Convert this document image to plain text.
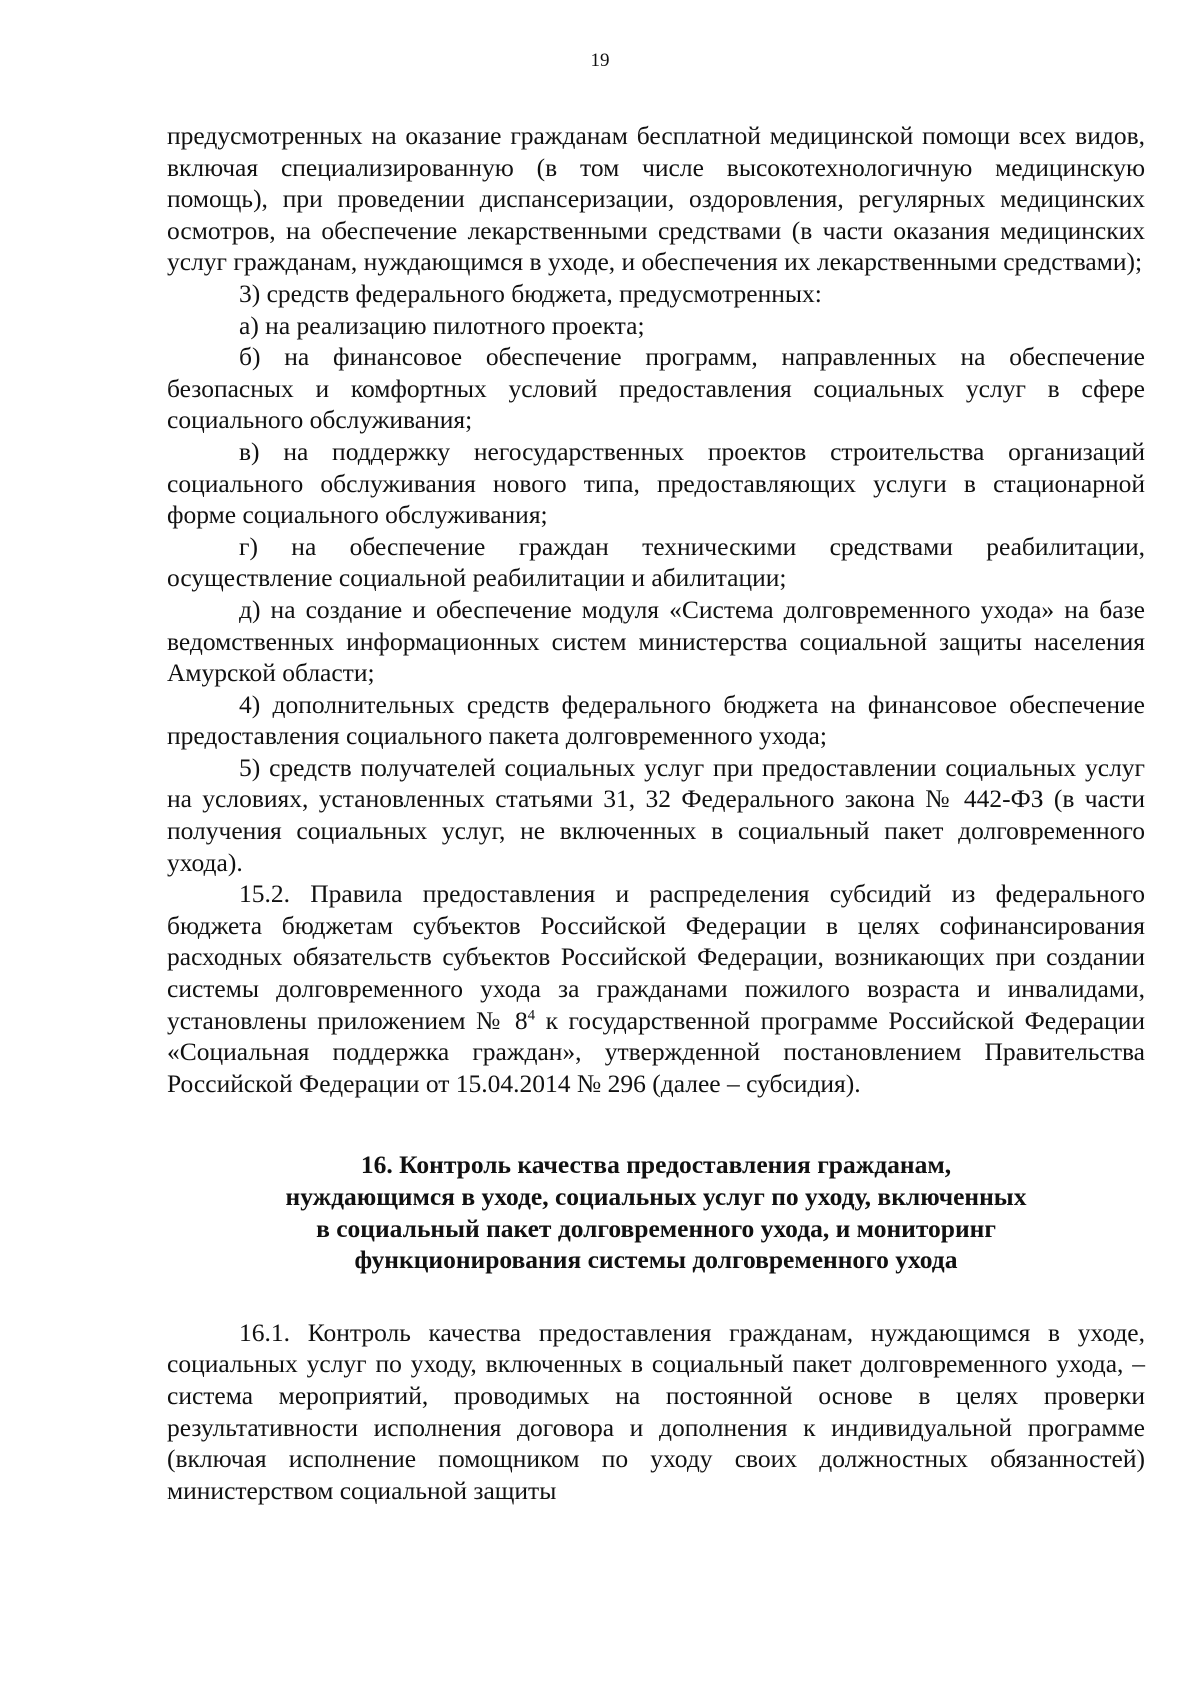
19

предусмотренных на оказание гражданам бесплатной медицинской помощи всех видов, включая специализированную (в том числе высокотехнологичную медицинскую помощь), при проведении диспансеризации, оздоровления, регулярных медицинских осмотров, на обеспечение лекарственными средствами (в части оказания медицинских услуг гражданам, нуждающимся в уходе, и обеспечения их лекарственными средствами);

3) средств федерального бюджета, предусмотренных:

а) на реализацию пилотного проекта;

б) на финансовое обеспечение программ, направленных на обеспечение безопасных и комфортных условий предоставления социальных услуг в сфере социального обслуживания;

в) на поддержку негосударственных проектов строительства организаций социального обслуживания нового типа, предоставляющих услуги в стационарной форме социального обслуживания;

г) на обеспечение граждан техническими средствами реабилитации, осуществление социальной реабилитации и абилитации;

д) на создание и обеспечение модуля «Система долговременного ухода» на базе ведомственных информационных систем министерства социальной защиты населения Амурской области;

4) дополнительных средств федерального бюджета на финансовое обеспечение предоставления социального пакета долговременного ухода;

5) средств получателей социальных услуг при предоставлении социальных услуг на условиях, установленных статьями 31, 32 Федерального закона № 442-ФЗ (в части получения социальных услуг, не включенных в социальный пакет долговременного ухода).

15.2. Правила предоставления и распределения субсидий из федерального бюджета бюджетам субъектов Российской Федерации в целях софинансирования расходных обязательств субъектов Российской Федерации, возникающих при создании системы долговременного ухода за гражданами пожилого возраста и инвалидами, установлены приложением № $8^4$ к государственной программе Российской Федерации «Социальная поддержка граждан», утвержденной постановлением Правительства Российской Федерации от 15.04.2014 № 296 (далее – субсидия).

16. Контроль качества предоставления гражданам,
нуждающимся в уходе, социальных услуг по уходу, включенных
в социальный пакет долговременного ухода, и мониторинг
функционирования системы долговременного ухода

16.1. Контроль качества предоставления гражданам, нуждающимся в уходе, социальных услуг по уходу, включенных в социальный пакет долговременного ухода, – система мероприятий, проводимых на постоянной основе в целях проверки результативности исполнения договора и дополнения к индивидуальной программе (включая исполнение помощником по уходу своих должностных обязанностей) министерством социальной защиты
